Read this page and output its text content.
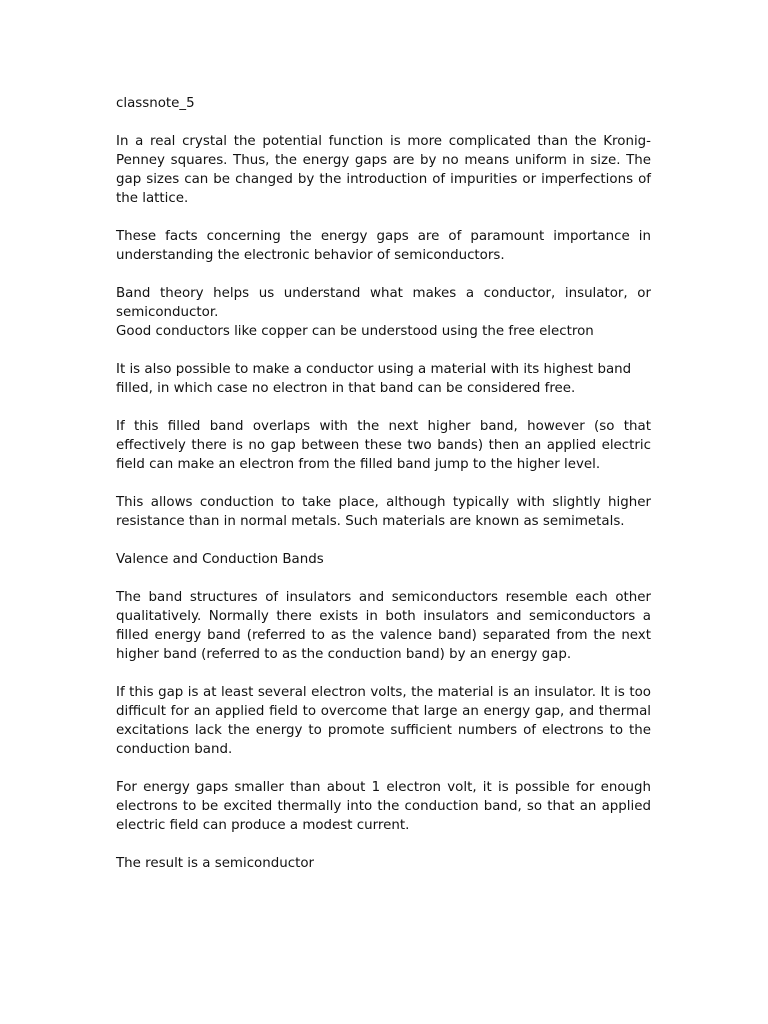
classnote_5

In a real crystal the potential function is more complicated than the Kronig-Penney squares. Thus, the energy gaps are by no means uniform in size. The gap sizes can be changed by the introduction of impurities or imperfections of the lattice.

These facts concerning the energy gaps are of paramount importance in understanding the electronic behavior of semiconductors.

Band theory helps us understand what makes a conductor, insulator, or semiconductor.

Good conductors like copper can be understood using the free electron

It is also possible to make a conductor using a material with its highest band filled, in which case no electron in that band can be considered free.

If this filled band overlaps with the next higher band, however (so that effectively there is no gap between these two bands) then an applied electric field can make an electron from the filled band jump to the higher level.

This allows conduction to take place, although typically with slightly higher resistance than in normal metals. Such materials are known as semimetals.

Valence and Conduction Bands

The band structures of insulators and semiconductors resemble each other qualitatively. Normally there exists in both insulators and semiconductors a filled energy band (referred to as the valence band) separated from the next higher band (referred to as the conduction band) by an energy gap.

If this gap is at least several electron volts, the material is an insulator. It is too difficult for an applied field to overcome that large an energy gap, and thermal excitations lack the energy to promote sufficient numbers of electrons to the conduction band.

For energy gaps smaller than about 1 electron volt, it is possible for enough electrons to be excited thermally into the conduction band, so that an applied electric field can produce a modest current.

The result is a semiconductor
